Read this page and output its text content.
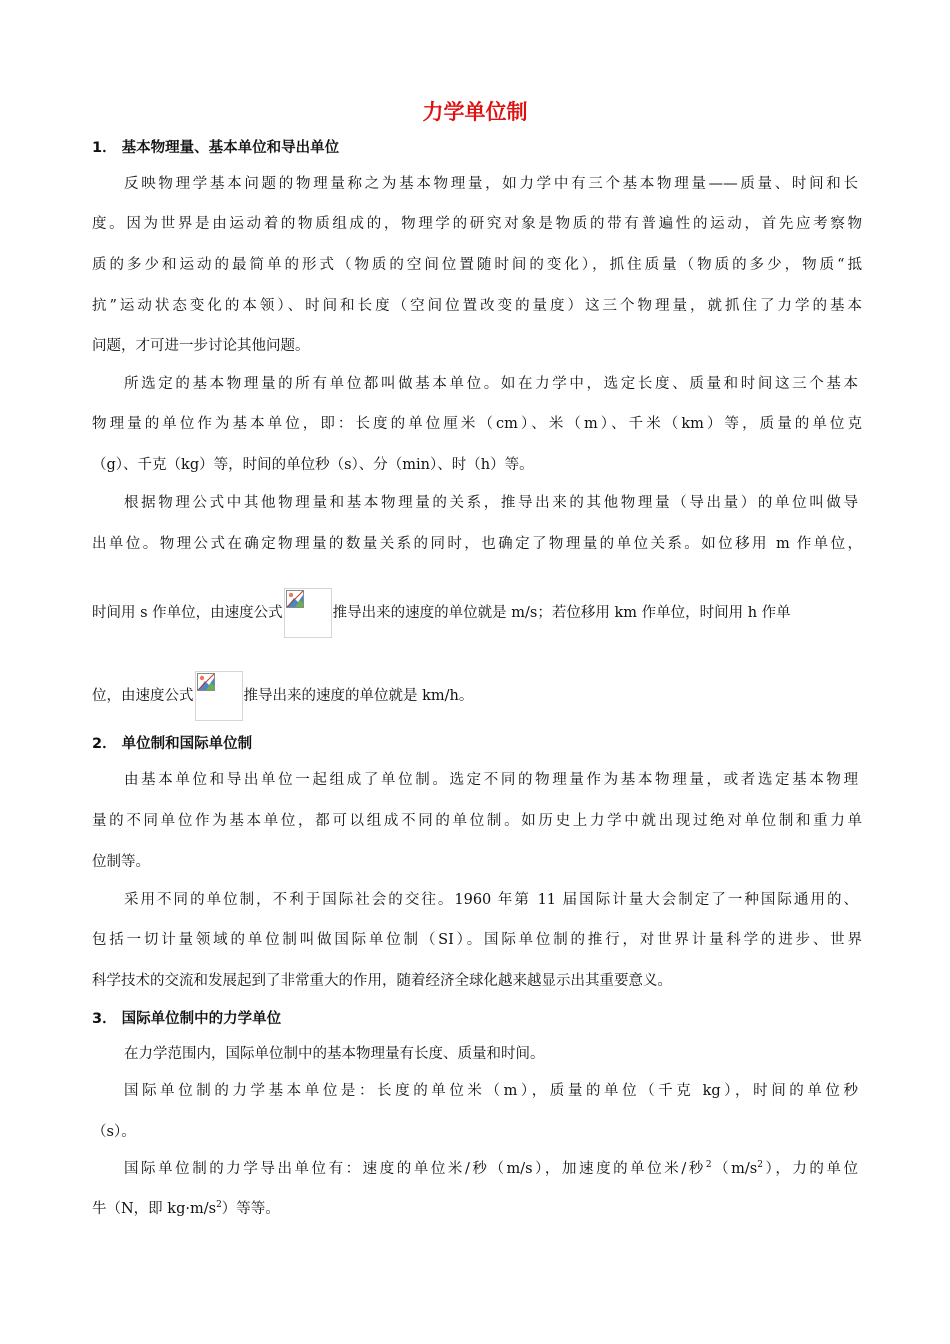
力学单位制
1． 基本物理量、基本单位和导出单位
反映物理学基本问题的物理量称之为基本物理量，如力学中有三个基本物理量——质量、时间和长
度。因为世界是由运动着的物质组成的，物理学的研究对象是物质的带有普遍性的运动，首先应考察物
质的多少和运动的最简单的形式（物质的空间位置随时间的变化），抓住质量（物质的多少，物质“抵
抗”运动状态变化的本领）、时间和长度（空间位置改变的量度）这三个物理量，就抓住了力学的基本
问题，才可进一步讨论其他问题。
所选定的基本物理量的所有单位都叫做基本单位。如在力学中，选定长度、质量和时间这三个基本
物理量的单位作为基本单位，即：长度的单位厘米（cm）、米（m）、千米（km）等，质量的单位克
（g）、千克（kg）等，时间的单位秒（s）、分（min）、时（h）等。
根据物理公式中其他物理量和基本物理量的关系，推导出来的其他物理量（导出量）的单位叫做导
出单位。物理公式在确定物理量的数量关系的同时，也确定了物理量的单位关系。如位移用 m 作单位，
时间用 s 作单位，由速度公式	推导出来的速度的单位就是 m/s；若位移用 km 作单位，时间用 h 作单
位，由速度公式	推导出来的速度的单位就是 km/h。
2． 单位制和国际单位制
由基本单位和导出单位一起组成了单位制。选定不同的物理量作为基本物理量，或者选定基本物理
量的不同单位作为基本单位，都可以组成不同的单位制。如历史上力学中就出现过绝对单位制和重力单
位制等。
采用不同的单位制，不利于国际社会的交往。1960 年第 11 届国际计量大会制定了一种国际通用的、
包括一切计量领域的单位制叫做国际单位制（SI）。国际单位制的推行，对世界计量科学的进步、世界
科学技术的交流和发展起到了非常重大的作用，随着经济全球化越来越显示出其重要意义。
3． 国际单位制中的力学单位
在力学范围内，国际单位制中的基本物理量有长度、质量和时间。
国际单位制的力学基本单位是：长度的单位米（m），质量的单位（千克 kg），时间的单位秒
（s）。
国际单位制的力学导出单位有：速度的单位米/秒（m/s），加速度的单位米/秒$^2(m/s^2)$，力的单位
牛（N，即 $kg\cdot m/s^2$）等等。
